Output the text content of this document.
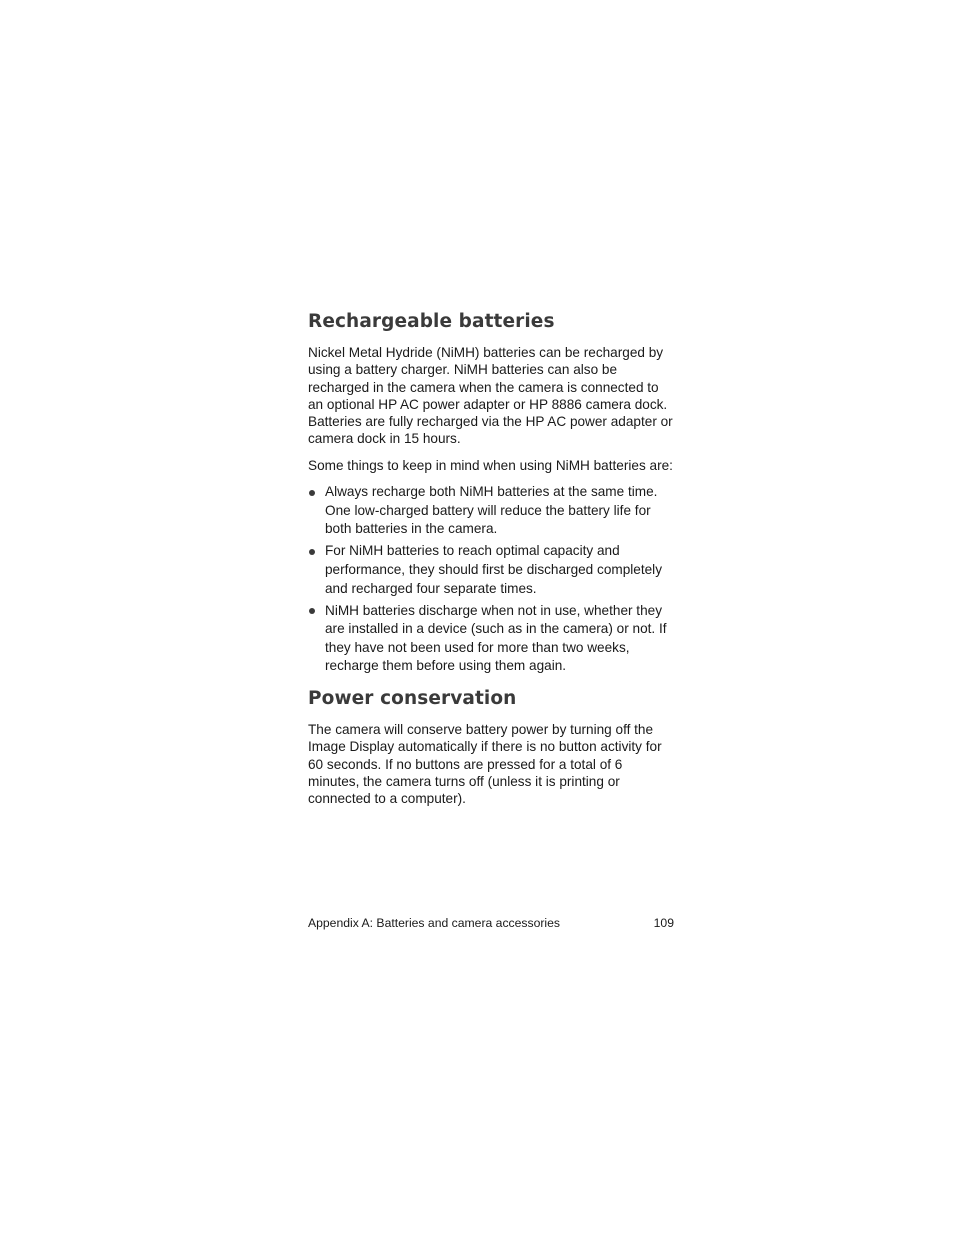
Rechargeable batteries

Nickel Metal Hydride (NiMH) batteries can be recharged by using a battery charger. NiMH batteries can also be recharged in the camera when the camera is connected to an optional HP AC power adapter or HP 8886 camera dock. Batteries are fully recharged via the HP AC power adapter or camera dock in 15 hours.

Some things to keep in mind when using NiMH batteries are:

Always recharge both NiMH batteries at the same time. One low-charged battery will reduce the battery life for both batteries in the camera.
For NiMH batteries to reach optimal capacity and performance, they should first be discharged completely and recharged four separate times.
NiMH batteries discharge when not in use, whether they are installed in a device (such as in the camera) or not. If they have not been used for more than two weeks, recharge them before using them again.
Power conservation

The camera will conserve battery power by turning off the Image Display automatically if there is no button activity for 60 seconds. If no buttons are pressed for a total of 6 minutes, the camera turns off (unless it is printing or connected to a computer).

Appendix A: Batteries and camera accessories	109
